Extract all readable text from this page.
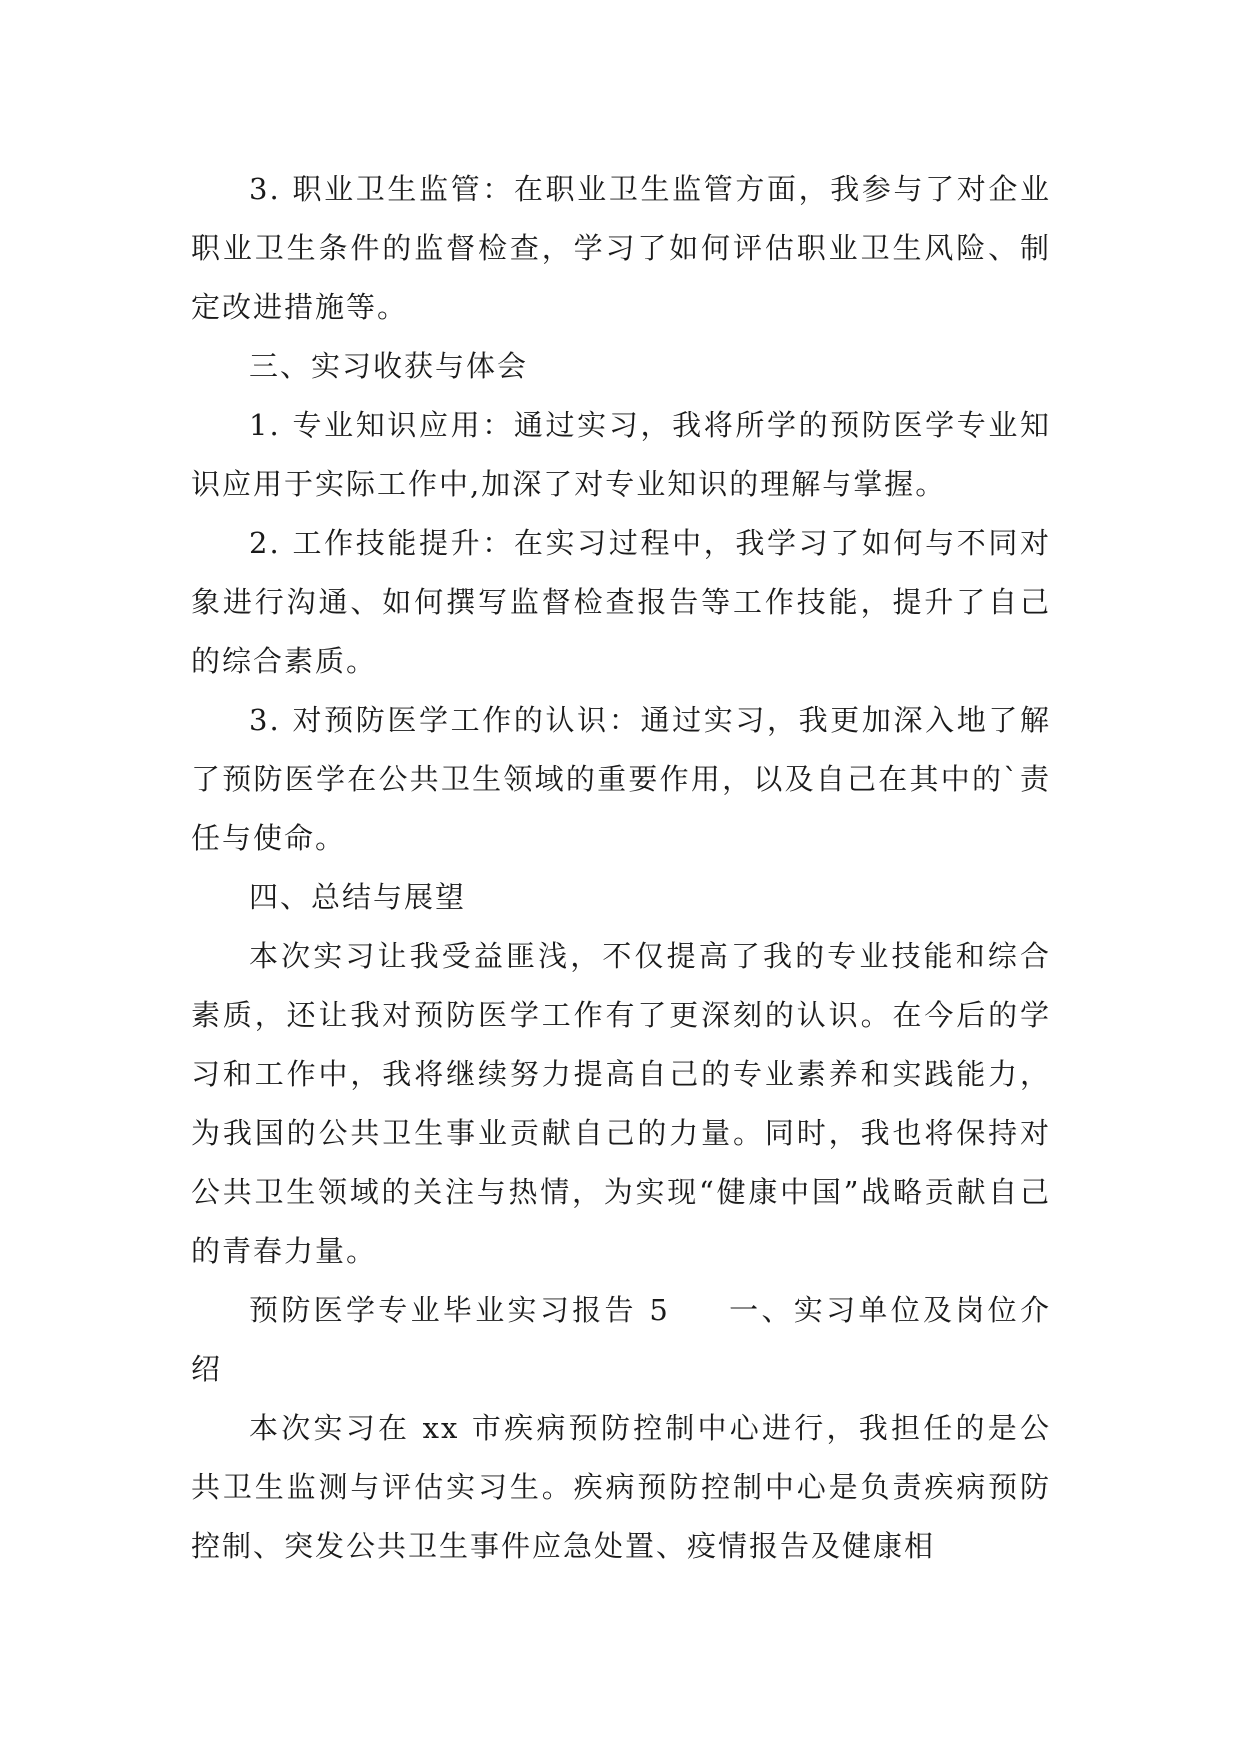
3. 职业卫生监管：在职业卫生监管方面，我参与了对企业职业卫生条件的监督检查，学习了如何评估职业卫生风险、制定改进措施等。

三、实习收获与体会

1. 专业知识应用：通过实习，我将所学的预防医学专业知识应用于实际工作中,加深了对专业知识的理解与掌握。

2. 工作技能提升：在实习过程中，我学习了如何与不同对象进行沟通、如何撰写监督检查报告等工作技能，提升了自己的综合素质。

3. 对预防医学工作的认识：通过实习，我更加深入地了解了预防医学在公共卫生领域的重要作用，以及自己在其中的`责任与使命。

四、总结与展望

本次实习让我受益匪浅，不仅提高了我的专业技能和综合素质，还让我对预防医学工作有了更深刻的认识。在今后的学习和工作中，我将继续努力提高自己的专业素养和实践能力，为我国的公共卫生事业贡献自己的力量。同时，我也将保持对公共卫生领域的关注与热情，为实现“健康中国”战略贡献自己的青春力量。

预防医学专业毕业实习报告 5 一、实习单位及岗位介绍

本次实习在 xx 市疾病预防控制中心进行，我担任的是公共卫生监测与评估实习生。疾病预防控制中心是负责疾病预防控制、突发公共卫生事件应急处置、疫情报告及健康相
